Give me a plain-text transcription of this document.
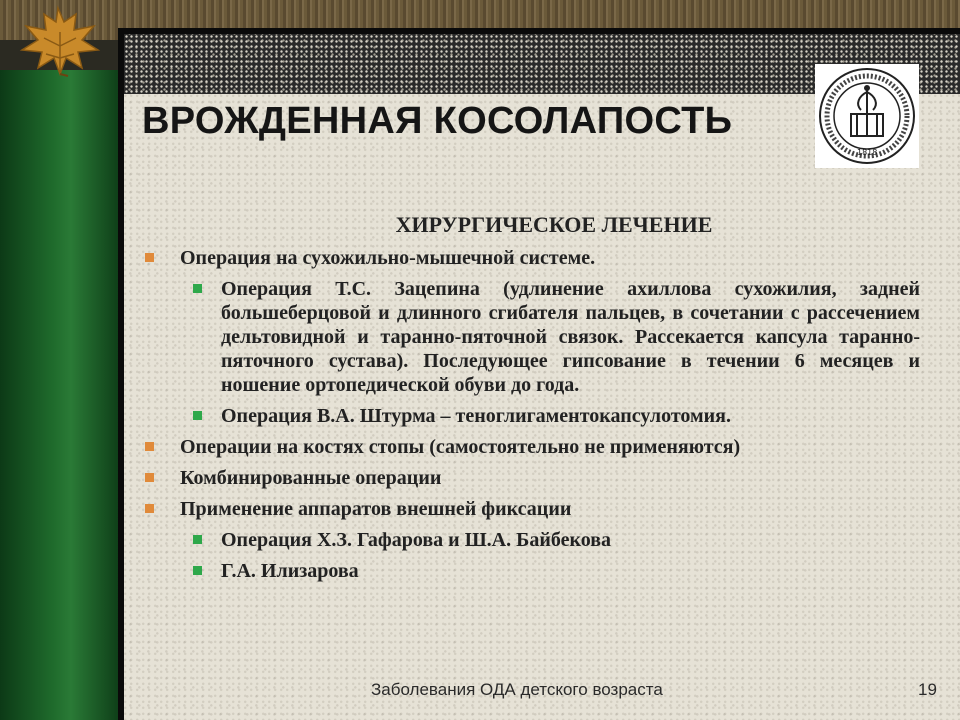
1818
ВРОЖДЕННАЯ КОСОЛАПОСТЬ
ХИРУРГИЧЕСКОЕ ЛЕЧЕНИЕ
Операция на сухожильно-мышечной системе.
Операция Т.С. Зацепина (удлинение ахиллова сухожилия, задней большеберцовой и длинного сгибателя пальцев, в сочетании с рассечением дельтовидной и таранно-пяточной связок. Рассекается капсула таранно-пяточного сустава). Последующее гипсование в течении 6 месяцев и ношение ортопедической обуви до года.
Операция В.А. Штурма – теноглигаментокапсулотомия.
Операции на костях стопы (самостоятельно не применяются)
Комбинированные операции
Применение аппаратов внешней фиксации
Операция Х.З. Гафарова и Ш.А. Байбекова
Г.А. Илизарова

Заболевания ОДА детского возраста	19
